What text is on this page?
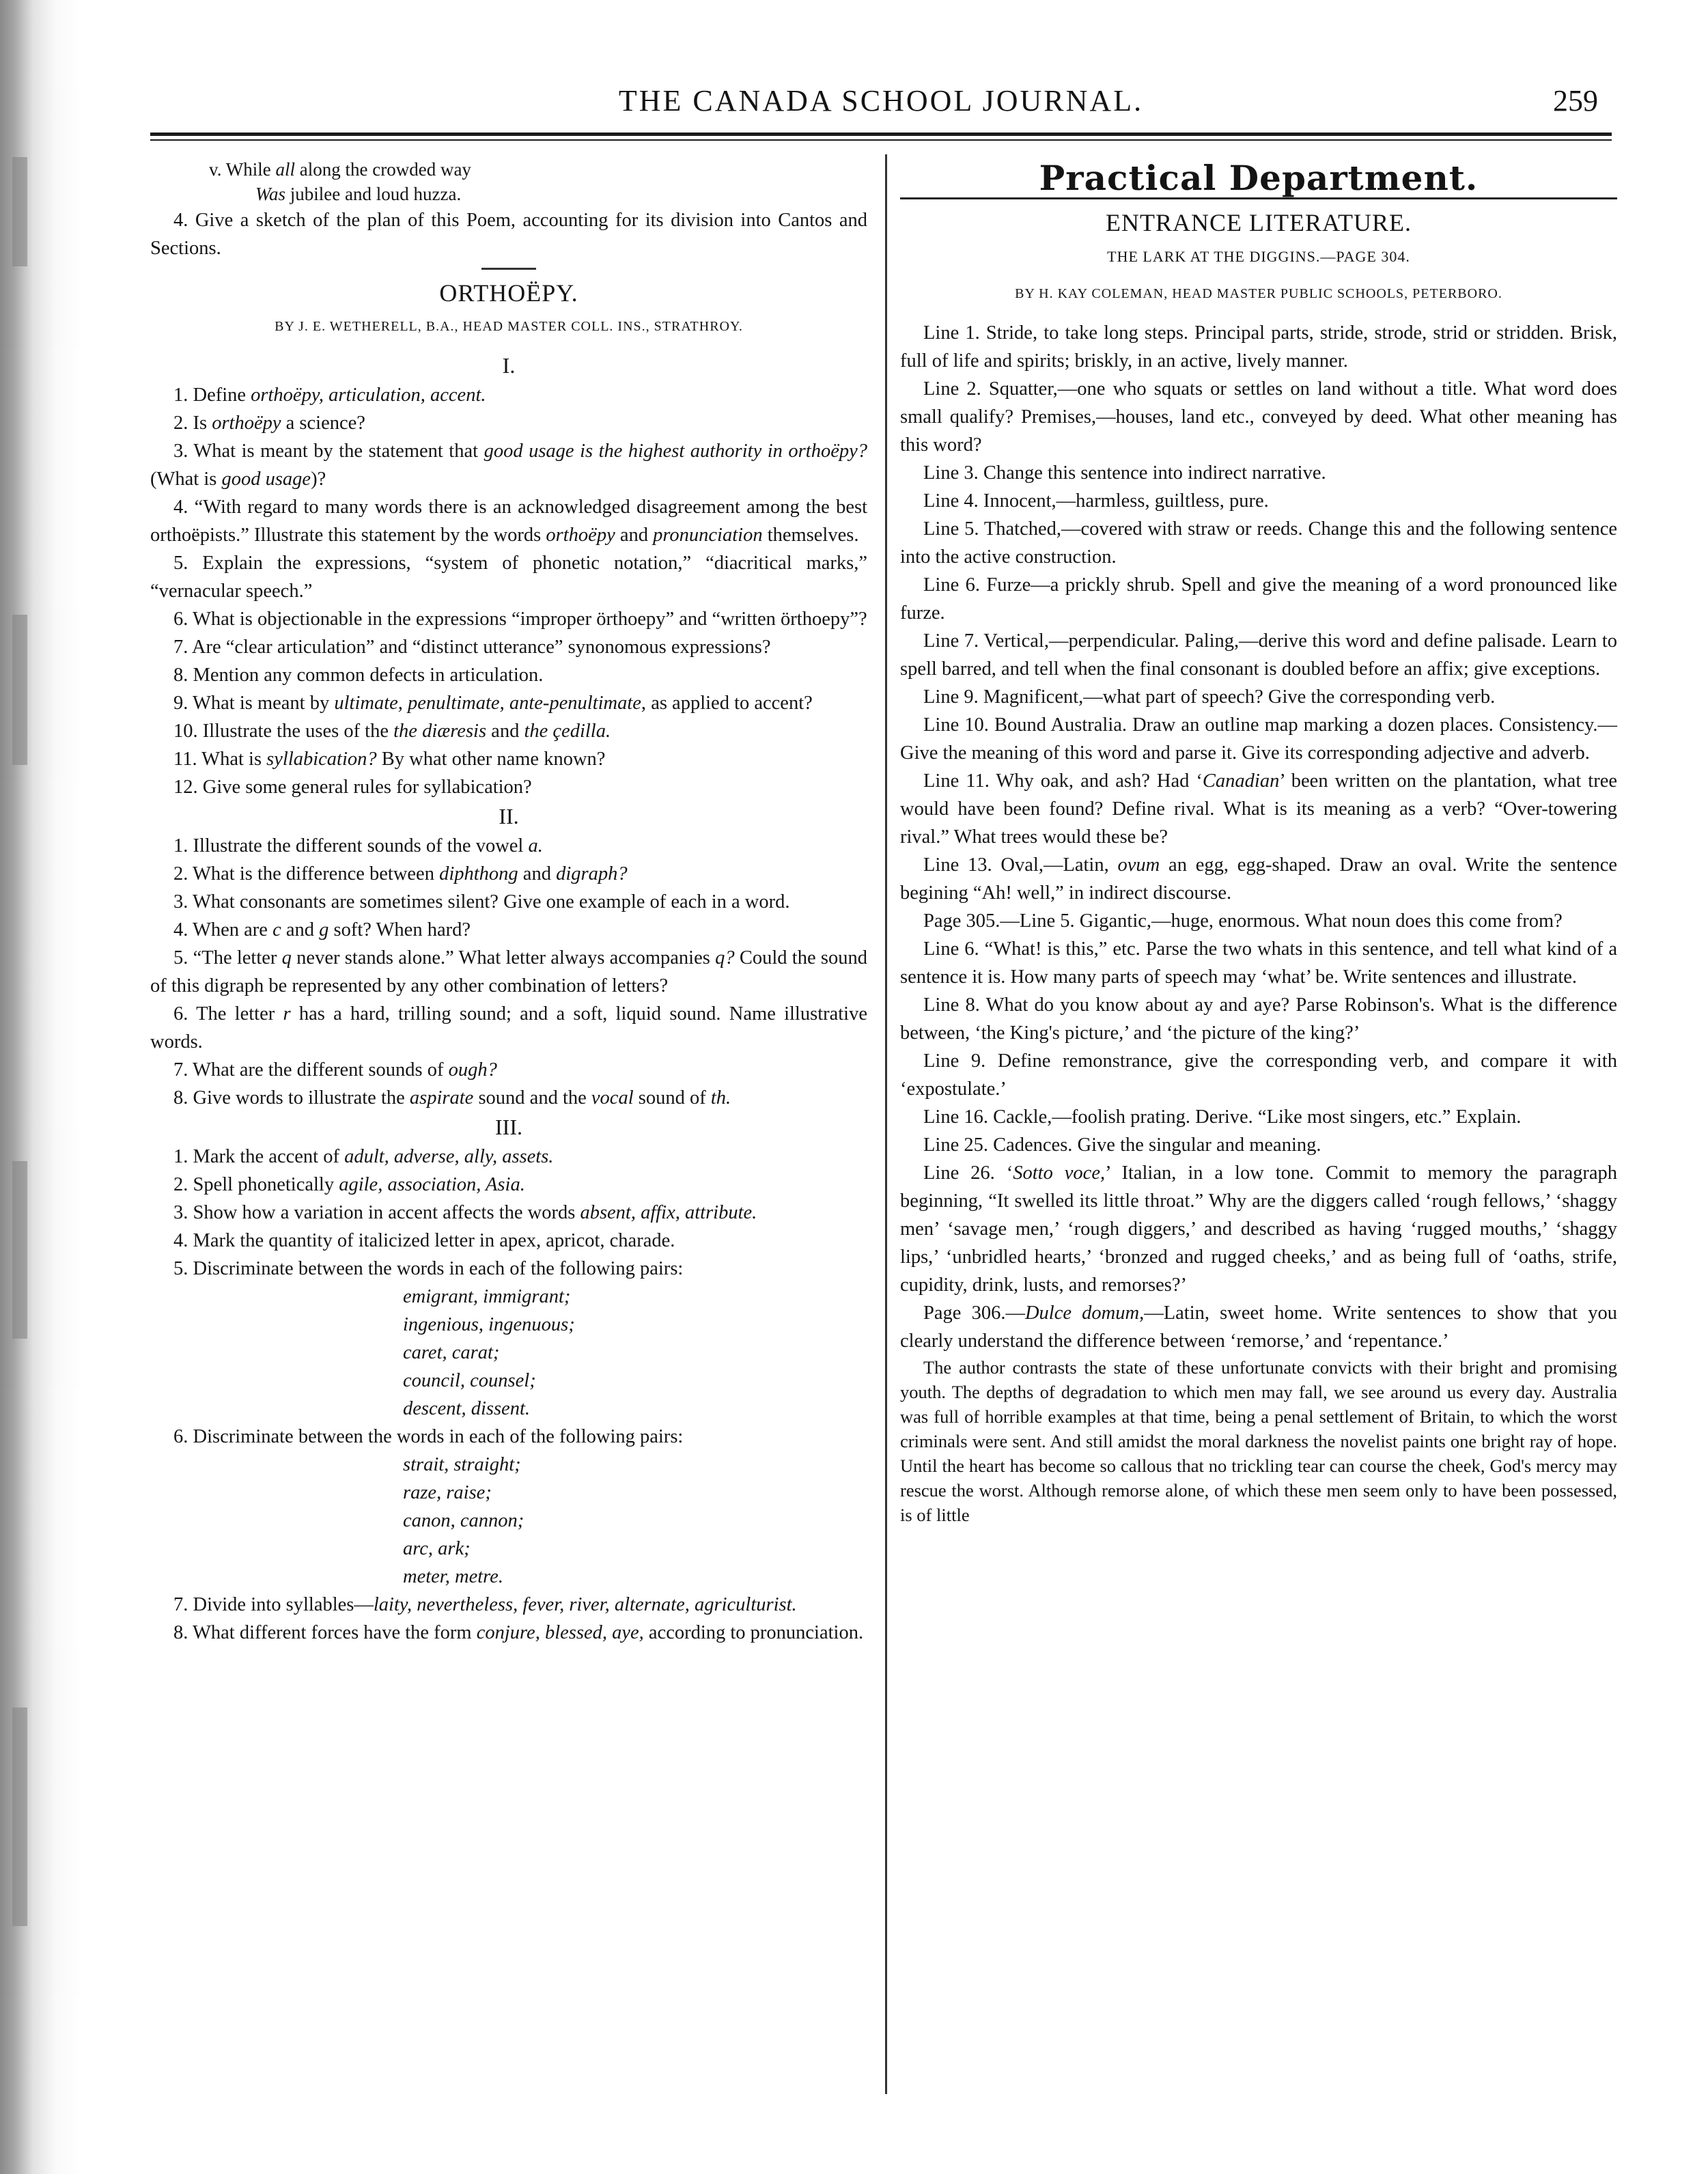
THE CANADA SCHOOL JOURNAL.	259
v. While all along the crowded way
Was jubilee and loud huzza.

4. Give a sketch of the plan of this Poem, accounting for its division into Cantos and Sections.

ORTHOËPY.
BY J. E. WETHERELL, B.A., HEAD MASTER COLL. INS., STRATHROY.
I.

1. Define orthoëpy, articulation, accent.

2. Is orthoëpy a science?

3. What is meant by the statement that good usage is the highest authority in orthoëpy? (What is good usage)?

4. “With regard to many words there is an acknowledged disagreement among the best orthoëpists.” Illustrate this statement by the words orthoëpy and pronunciation themselves.

5. Explain the expressions, “system of phonetic notation,” “diacritical marks,” “vernacular speech.”

6. What is objectionable in the expressions “improper örthoepy” and “written örthoepy”?

7. Are “clear articulation” and “distinct utterance” synonomous expressions?

8. Mention any common defects in articulation.

9. What is meant by ultimate, penultimate, ante-penultimate, as applied to accent?

10. Illustrate the uses of the the diæresis and the çedilla.

11. What is syllabication? By what other name known?

12. Give some general rules for syllabication?

II.

1. Illustrate the different sounds of the vowel a.

2. What is the difference between diphthong and digraph?

3. What consonants are sometimes silent? Give one example of each in a word.

4. When are c and g soft? When hard?

5. “The letter q never stands alone.” What letter always accompanies q? Could the sound of this digraph be represented by any other combination of letters?

6. The letter r has a hard, trilling sound; and a soft, liquid sound. Name illustrative words.

7. What are the different sounds of ough?

8. Give words to illustrate the aspirate sound and the vocal sound of th.

III.

1. Mark the accent of adult, adverse, ally, assets.

2. Spell phonetically agile, association, Asia.

3. Show how a variation in accent affects the words absent, affix, attribute.

4. Mark the quantity of italicized letter in apex, apricot, charade.

5. Discriminate between the words in each of the following pairs:

emigrant, immigrant;
ingenious, ingenuous;
caret, carat;
council, counsel;
descent, dissent.

6. Discriminate between the words in each of the following pairs:

strait, straight;
raze, raise;
canon, cannon;
arc, ark;
meter, metre.

7. Divide into syllables—laity, nevertheless, fever, river, alternate, agriculturist.

8. What different forces have the form conjure, blessed, aye, according to pronunciation.

Practical Department.
ENTRANCE LITERATURE.
THE LARK AT THE DIGGINS.—PAGE 304.
BY H. KAY COLEMAN, HEAD MASTER PUBLIC SCHOOLS, PETERBORO.

Line 1. Stride, to take long steps. Principal parts, stride, strode, strid or stridden. Brisk, full of life and spirits; briskly, in an active, lively manner.

Line 2. Squatter,—one who squats or settles on land without a title. What word does small qualify? Premises,—houses, land etc., conveyed by deed. What other meaning has this word?

Line 3. Change this sentence into indirect narrative.

Line 4. Innocent,—harmless, guiltless, pure.

Line 5. Thatched,—covered with straw or reeds. Change this and the following sentence into the active construction.

Line 6. Furze—a prickly shrub. Spell and give the meaning of a word pronounced like furze.

Line 7. Vertical,—perpendicular. Paling,—derive this word and define palisade. Learn to spell barred, and tell when the final consonant is doubled before an affix; give exceptions.

Line 9. Magnificent,—what part of speech? Give the corresponding verb.

Line 10. Bound Australia. Draw an outline map marking a dozen places. Consistency.—Give the meaning of this word and parse it. Give its corresponding adjective and adverb.

Line 11. Why oak, and ash? Had ‘Canadian’ been written on the plantation, what tree would have been found? Define rival. What is its meaning as a verb? “Over-towering rival.” What trees would these be?

Line 13. Oval,—Latin, ovum an egg, egg-shaped. Draw an oval. Write the sentence begining “Ah! well,” in indirect discourse.

Page 305.—Line 5. Gigantic,—huge, enormous. What noun does this come from?

Line 6. “What! is this,” etc. Parse the two whats in this sentence, and tell what kind of a sentence it is. How many parts of speech may ‘what’ be. Write sentences and illustrate.

Line 8. What do you know about ay and aye? Parse Robinson's. What is the difference between, ‘the King's picture,’ and ‘the picture of the king?’

Line 9. Define remonstrance, give the corresponding verb, and compare it with ‘expostulate.’

Line 16. Cackle,—foolish prating. Derive. “Like most singers, etc.” Explain.

Line 25. Cadences. Give the singular and meaning.

Line 26. ‘Sotto voce,’ Italian, in a low tone. Commit to memory the paragraph beginning, “It swelled its little throat.” Why are the diggers called ‘rough fellows,’ ‘shaggy men’ ‘savage men,’ ‘rough diggers,’ and described as having ‘rugged mouths,’ ‘shaggy lips,’ ‘unbridled hearts,’ ‘bronzed and rugged cheeks,’ and as being full of ‘oaths, strife, cupidity, drink, lusts, and remorses?’

Page 306.—Dulce domum,—Latin, sweet home. Write sentences to show that you clearly understand the difference between ‘remorse,’ and ‘repentance.’

The author contrasts the state of these unfortunate convicts with their bright and promising youth. The depths of degradation to which men may fall, we see around us every day. Australia was full of horrible examples at that time, being a penal settlement of Britain, to which the worst criminals were sent. And still amidst the moral darkness the novelist paints one bright ray of hope. Until the heart has become so callous that no trickling tear can course the cheek, God's mercy may rescue the worst. Although remorse alone, of which these men seem only to have been possessed, is of little
